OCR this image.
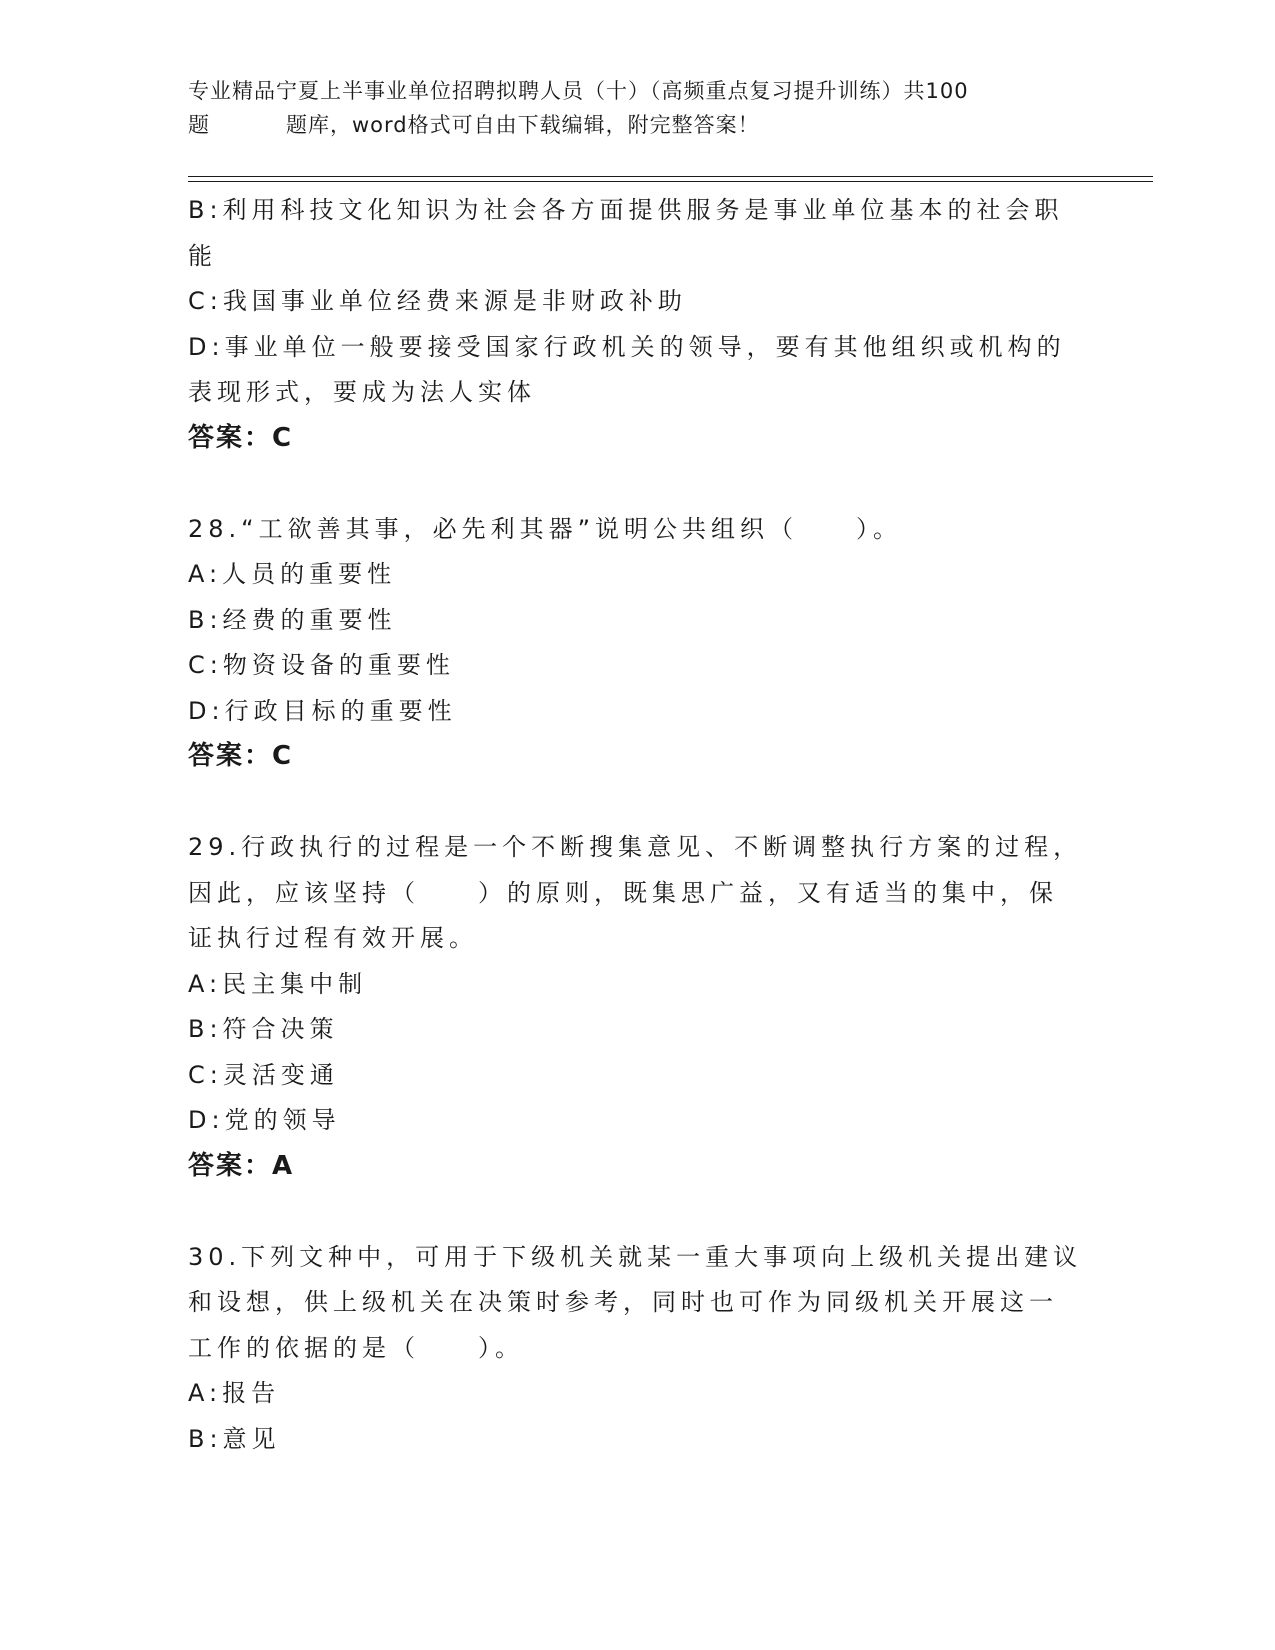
专业精品宁夏上半事业单位招聘拟聘人员（十）（高频重点复习提升训练）共100
题	题库，word格式可自由下载编辑，附完整答案！
B:利用科技文化知识为社会各方面提供服务是事业单位基本的社会职
能
C:我国事业单位经费来源是非财政补助
D:事业单位一般要接受国家行政机关的领导，要有其他组织或机构的
表现形式，要成为法人实体
答案：C
28.“工欲善其事，必先利其器”说明公共组织（　　）。
A:人员的重要性
B:经费的重要性
C:物资设备的重要性
D:行政目标的重要性
答案：C
29.行政执行的过程是一个不断搜集意见、不断调整执行方案的过程，
因此，应该坚持（　　）的原则，既集思广益，又有适当的集中，保
证执行过程有效开展。
A:民主集中制
B:符合决策
C:灵活变通
D:党的领导
答案：A
30.下列文种中，可用于下级机关就某一重大事项向上级机关提出建议
和设想，供上级机关在决策时参考，同时也可作为同级机关开展这一
工作的依据的是（　　）。
A:报告
B:意见
